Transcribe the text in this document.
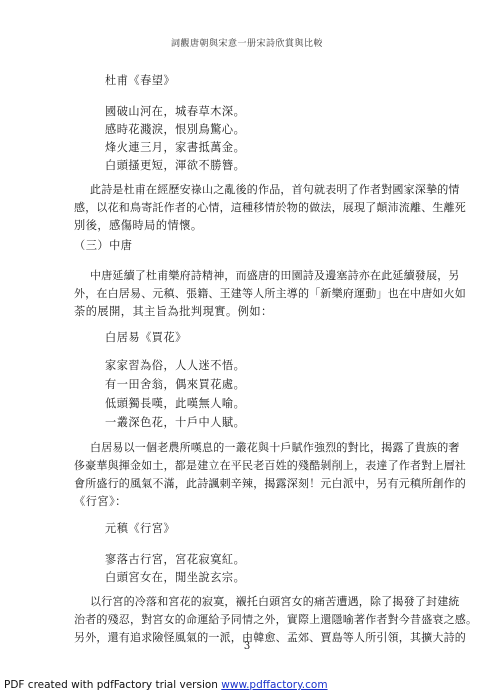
詞觀唐朝與宋意一册宋詩欣賞與比較
杜甫《春望》
國破山河在，城春草木深。
感時花濺淚，恨別鳥驚心。
烽火連三月，家書抵萬金。
白頭搔更短，渾欲不勝簪。
此詩是杜甫在經歷安祿山之亂後的作品，首句就表明了作者對國家深摯的情
感，以花和鳥寄託作者的心情，這種移情於物的做法，展現了顛沛流離、生離死
別後，感傷時局的情懷。
（三）中唐
中唐延續了杜甫樂府詩精神，而盛唐的田園詩及邊塞詩亦在此延續發展，另
外，在白居易、元稹、張籍、王建等人所主導的「新樂府運動」也在中唐如火如
荼的展開，其主旨為批判現實。例如：
白居易《買花》
家家習為俗，人人迷不悟。
有一田舍翁，偶來買花處。
低頭獨長嘆，此嘆無人喻。
一叢深色花，十戶中人賦。
白居易以一個老農所嘆息的一叢花與十戶賦作強烈的對比，揭露了貴族的奢
侈豪華與揮金如土，都是建立在平民老百姓的殘酷剝削上，表達了作者對上層社
會所盛行的風氣不滿，此詩諷刺辛辣，揭露深刻！元白派中，另有元稹所創作的
《行宮》：
元稹《行宮》
寥落古行宮，宮花寂寞紅。
白頭宮女在，閒坐說玄宗。
以行宮的冷落和宮花的寂寞，襯托白頭宮女的痛苦遭遇，除了揭發了封建統
治者的殘忍，對宮女的命運給予同情之外，實際上還隱喻著作者對今昔盛衰之感。
另外，還有追求險怪風氣的一派，由韓愈、孟郊、賈島等人所引領，其擴大詩的
3
PDF created with pdfFactory trial version www.pdffactory.com
